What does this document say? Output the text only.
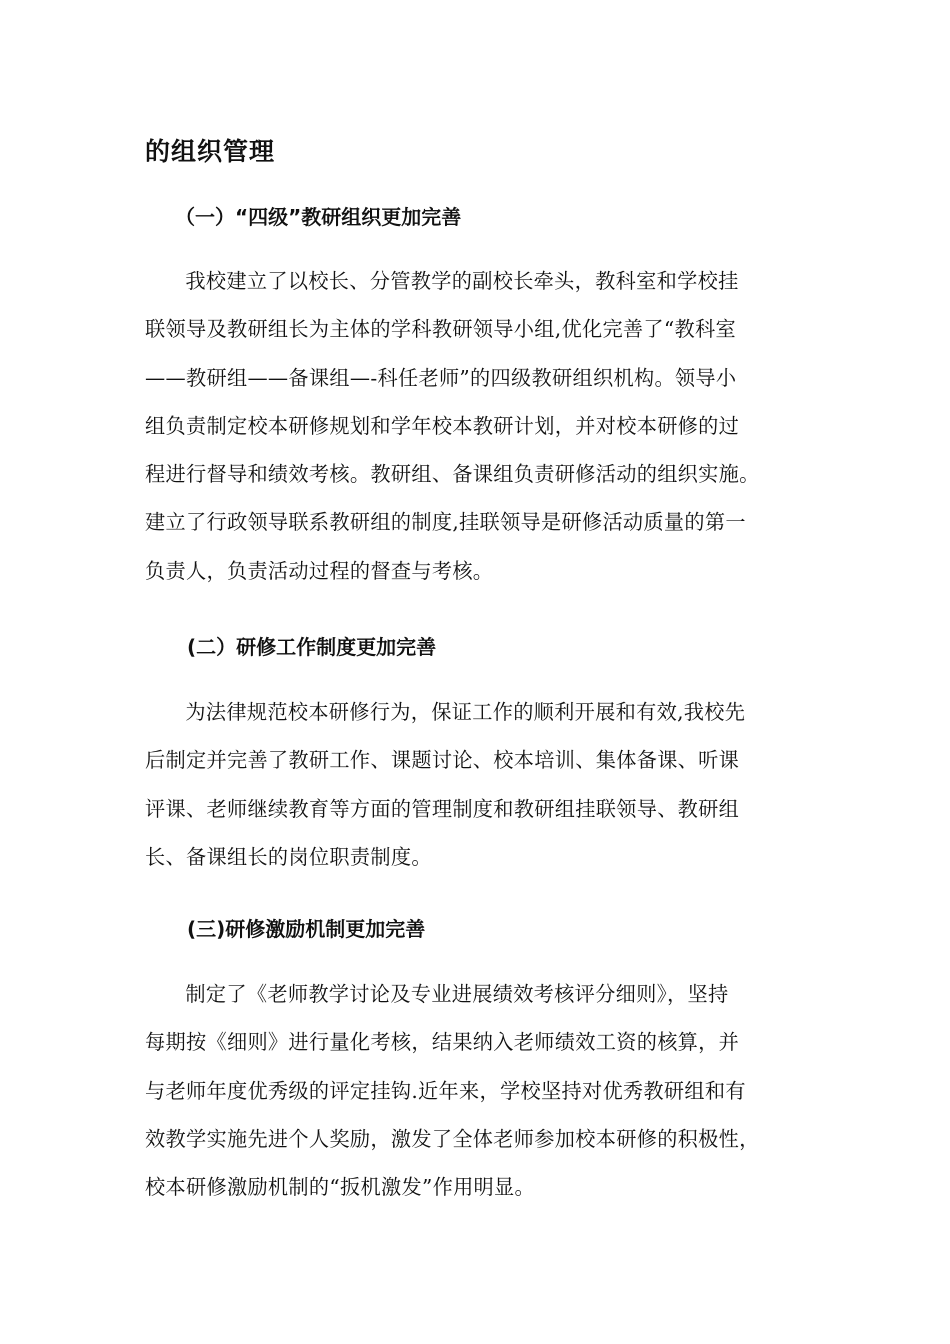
的组织管理
（一）“四级”教研组织更加完善
我校建立了以校长、分管教学的副校长牵头，教科室和学校挂
联领导及教研组长为主体的学科教研领导小组,优化完善了“教科室
——教研组——备课组—-科任老师”的四级教研组织机构。领导小
组负责制定校本研修规划和学年校本教研计划，并对校本研修的过
程进行督导和绩效考核。教研组、备课组负责研修活动的组织实施。
建立了行政领导联系教研组的制度,挂联领导是研修活动质量的第一
负责人，负责活动过程的督查与考核。
(二）研修工作制度更加完善
为法律规范校本研修行为，保证工作的顺利开展和有效,我校先
后制定并完善了教研工作、课题讨论、校本培训、集体备课、听课
评课、老师继续教育等方面的管理制度和教研组挂联领导、教研组
长、备课组长的岗位职责制度。
(三)研修激励机制更加完善
制定了《老师教学讨论及专业进展绩效考核评分细则》，坚持
每期按《细则》进行量化考核，结果纳入老师绩效工资的核算，并
与老师年度优秀级的评定挂钩.近年来，学校坚持对优秀教研组和有
效教学实施先进个人奖励，激发了全体老师参加校本研修的积极性，
校本研修激励机制的“扳机激发”作用明显。
